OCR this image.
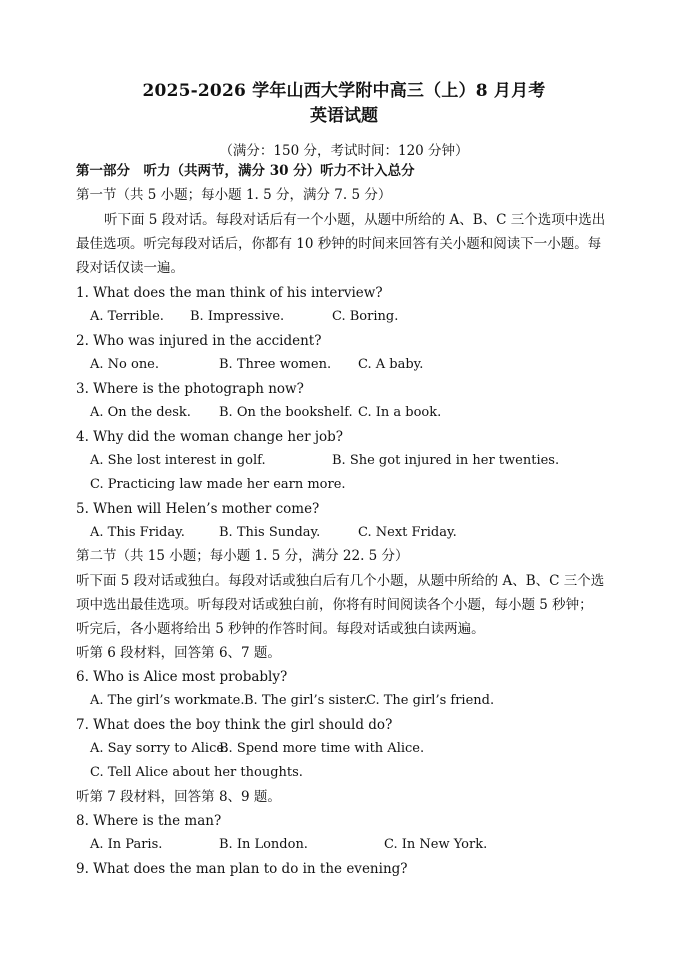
2025-2026 学年山西大学附中高三（上）8 月月考
英语试题
（满分：150 分，考试时间：120 分钟）
第一部分　听力（共两节，满分 30 分）听力不计入总分
第一节（共 5 小题；每小题 1. 5 分，满分 7. 5 分）
听下面 5 段对话。每段对话后有一个小题，从题中所给的 A、B、C 三个选项中选出
最佳选项。听完每段对话后，你都有 10 秒钟的时间来回答有关小题和阅读下一小题。每
段对话仅读一遍。
1. What does the man think of his interview?
A. Terrible. B. Impressive.	C. Boring.
2. Who was injured in the accident?
A. No one.	B. Three women. C. A baby.
3. Where is the photograph now?
A. On the desk. B. On the bookshelf. C. In a book.
4. Why did the woman change her job?
A. She lost interest in golf.	B. She got injured in her twenties.
C. Practicing law made her earn more.
5. When will Helen’s mother come?
A. This Friday.	B. This Sunday.	C. Next Friday.
第二节（共 15 小题；每小题 1. 5 分，满分 22. 5 分）
听下面 5 段对话或独白。每段对话或独白后有几个小题，从题中所给的 A、B、C 三个选
项中选出最佳选项。听每段对话或独白前，你将有时间阅读各个小题，每小题 5 秒钟；
听完后，各小题将给出 5 秒钟的作答时间。每段对话或独白读两遍。
听第 6 段材料，回答第 6、7 题。
6. Who is Alice most probably?
A. The girl’s workmate. B. The girl’s sister.
C. The girl’s friend.
7. What does the boy think the girl should do?
A. Say sorry to Alice.
B. Spend more time with Alice.
C. Tell Alice about her thoughts.
听第 7 段材料，回答第 8、9 题。
8. Where is the man?
A. In Paris.	B. In London.	C. In New York.
9. What does the man plan to do in the evening?
